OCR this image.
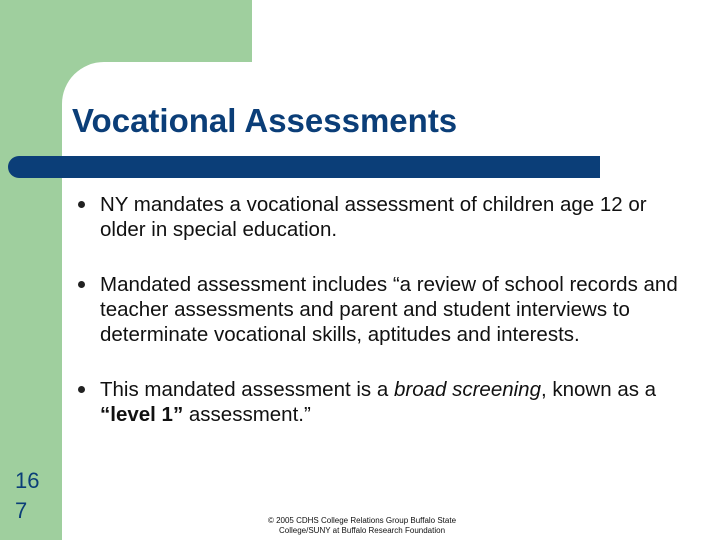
Vocational Assessments
NY mandates a vocational assessment of children age 12 or older in special education.
Mandated assessment includes “a review of school records and teacher assessments and parent and student interviews to determinate vocational skills, aptitudes and interests.
This mandated assessment is a broad screening, known as a “level 1” assessment.”
16
7	© 2005 CDHS College Relations Group Buffalo State
College/SUNY at Buffalo Research Foundation
